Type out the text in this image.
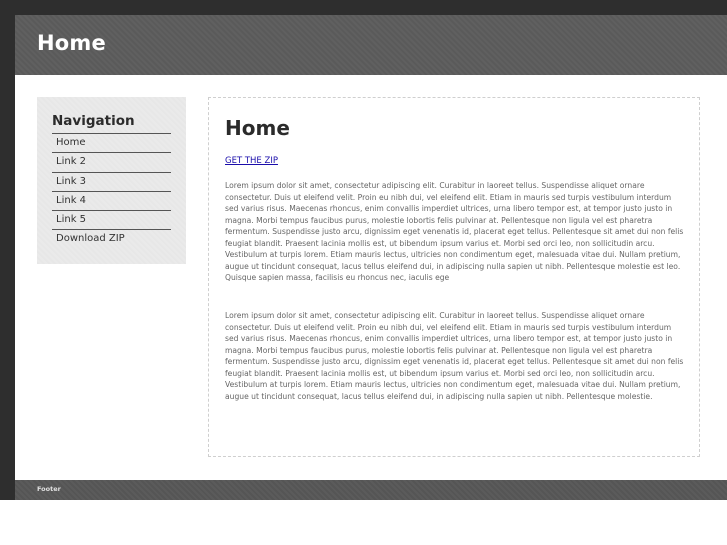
Home
Navigation
Home
Link 2
Link 3
Link 4
Link 5
Download ZIP
Home
GET THE ZIP

Lorem ipsum dolor sit amet, consectetur adipiscing elit. Curabitur in laoreet tellus. Suspendisse aliquet ornare consectetur. Duis ut eleifend velit. Proin eu nibh dui, vel eleifend elit. Etiam in mauris sed turpis vestibulum interdum sed varius risus. Maecenas rhoncus, enim convallis imperdiet ultrices, urna libero tempor est, at tempor justo justo in magna. Morbi tempus faucibus purus, molestie lobortis felis pulvinar at. Pellentesque non ligula vel est pharetra fermentum. Suspendisse justo arcu, dignissim eget venenatis id, placerat eget tellus. Pellentesque sit amet dui non felis feugiat blandit. Praesent lacinia mollis est, ut bibendum ipsum varius et. Morbi sed orci leo, non sollicitudin arcu. Vestibulum at turpis lorem. Etiam mauris lectus, ultricies non condimentum eget, malesuada vitae dui. Nullam pretium, augue ut tincidunt consequat, lacus tellus eleifend dui, in adipiscing nulla sapien ut nibh. Pellentesque molestie est leo. Quisque sapien massa, facilisis eu rhoncus nec, iaculis ege

Lorem ipsum dolor sit amet, consectetur adipiscing elit. Curabitur in laoreet tellus. Suspendisse aliquet ornare consectetur. Duis ut eleifend velit. Proin eu nibh dui, vel eleifend elit. Etiam in mauris sed turpis vestibulum interdum sed varius risus. Maecenas rhoncus, enim convallis imperdiet ultrices, urna libero tempor est, at tempor justo justo in magna. Morbi tempus faucibus purus, molestie lobortis felis pulvinar at. Pellentesque non ligula vel est pharetra fermentum. Suspendisse justo arcu, dignissim eget venenatis id, placerat eget tellus. Pellentesque sit amet dui non felis feugiat blandit. Praesent lacinia mollis est, ut bibendum ipsum varius et. Morbi sed orci leo, non sollicitudin arcu. Vestibulum at turpis lorem. Etiam mauris lectus, ultricies non condimentum eget, malesuada vitae dui. Nullam pretium, augue ut tincidunt consequat, lacus tellus eleifend dui, in adipiscing nulla sapien ut nibh. Pellentesque molestie.

Footer
